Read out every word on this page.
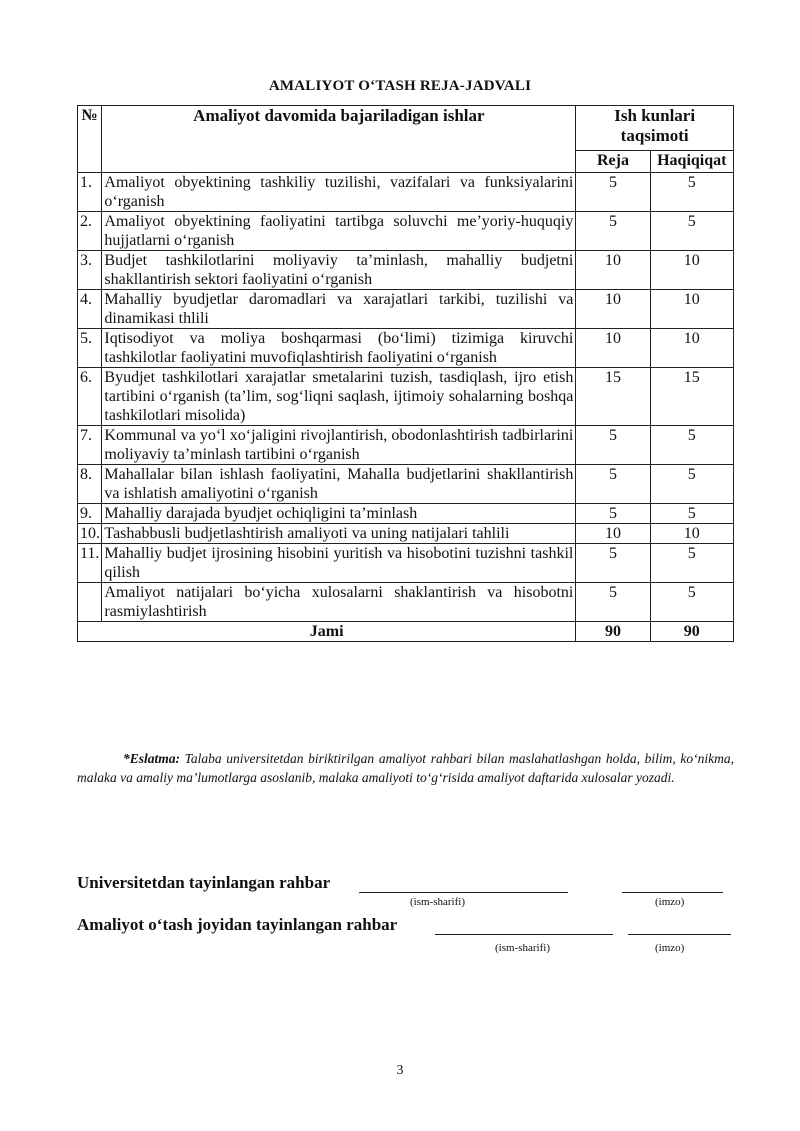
AMALIYOT O‘TASH REJA-JADVALI
№	Amaliyot davomida bajariladigan ishlar	Ish kunlari taqsimoti	
		Reja	Haqiqiqat
1.	Amaliyot obyektining tashkiliy tuzilishi, vazifalari va funksiyalarini o‘rganish	5	5
2.	Amaliyot obyektining faoliyatini tartibga soluvchi me’yoriy-huquqiy hujjatlarni o‘rganish	5	5
3.	Budjet tashkilotlarini moliyaviy ta’minlash, mahalliy budjetni shakllantirish sektori faoliyatini o‘rganish	10	10
4.	Mahalliy byudjetlar daromadlari va xarajatlari tarkibi, tuzilishi va dinamikasi thlili	10	10
5.	Iqtisodiyot va moliya boshqarmasi (bo‘limi) tizimiga kiruvchi tashkilotlar faoliyatini muvofiqlashtirish faoliyatini o‘rganish	10	10
6.	Byudjet tashkilotlari xarajatlar smetalarini tuzish, tasdiqlash, ijro etish tartibini o‘rganish (ta’lim, sog‘liqni saqlash, ijtimoiy sohalarning boshqa tashkilotlari misolida)	15	15
7.	Kommunal va yo‘l xo‘jaligini rivojlantirish, obodonlashtirish tadbirlarini moliyaviy ta’minlash tartibini o‘rganish	5	5
8.	Mahallalar bilan ishlash faoliyatini, Mahalla budjetlarini shakllantirish va ishlatish amaliyotini o‘rganish	5	5
9.	Mahalliy darajada byudjet ochiqligini ta’minlash	5	5
10.	Tashabbusli budjetlashtirish amaliyoti va uning natijalari tahlili	10	10
11.	Mahalliy budjet ijrosining hisobini yuritish va hisobotini tuzishni tashkil qilish	5	5
	Amaliyot natijalari bo‘yicha xulosalarni shaklantirish va hisobotni rasmiylashtirish	5	5
Jami		90	90
*Eslatma: Talaba universitetdan biriktirilgan amaliyot rahbari bilan maslahatlashgan holda, bilim, ko‘nikma, malaka va amaliy ma’lumotlarga asoslanib, malaka amaliyoti to‘g‘risida amaliyot daftarida xulosalar yozadi.
Universitetdan tayinlangan rahbar
(ism-sharifi)	(imzo)
Amaliyot o‘tash joyidan tayinlangan rahbar
(ism-sharifi)	(imzo)
3
